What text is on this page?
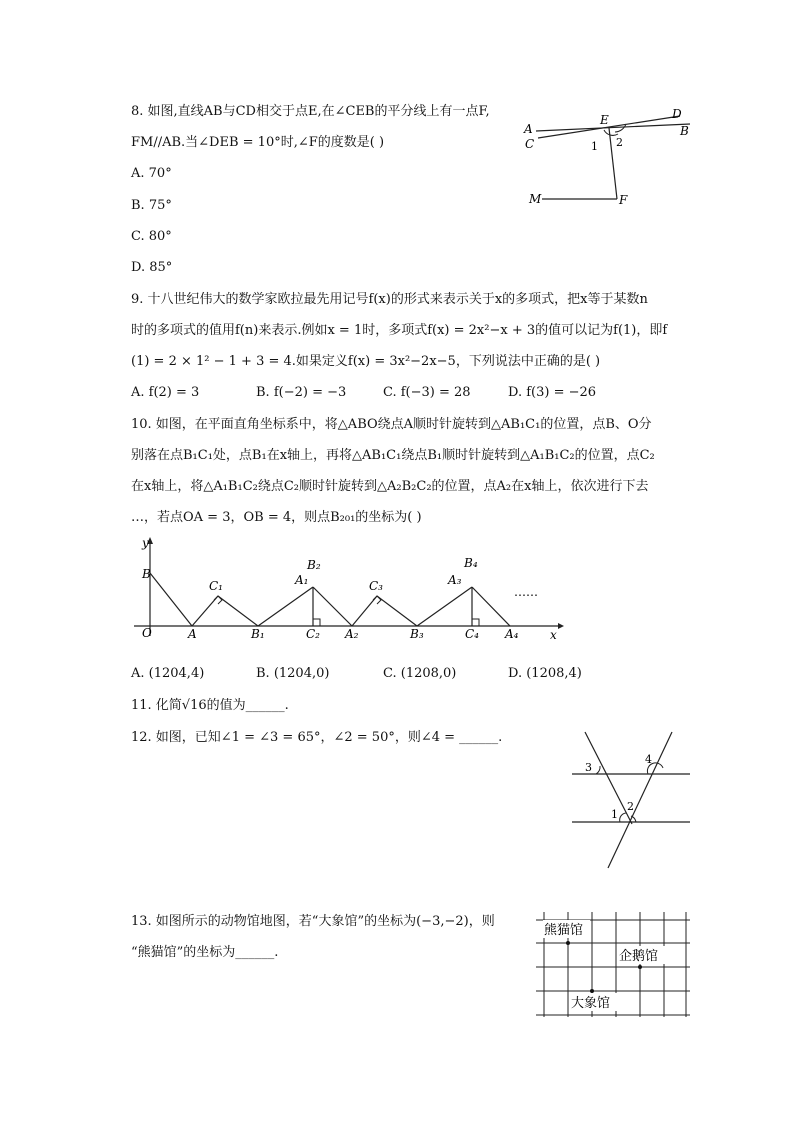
8. 如图,直线AB与CD相交于点E,在∠CEB的平分线上有一点F,
FM//AB.当∠DEB = 10°时,∠F的度数是( )
A. 70°
B. 75°
C. 80°
D. 85°
A
C
E	D
B
1 2
M	F
9. 十八世纪伟大的数学家欧拉最先用记号f(x)的形式来表示关于x的多项式，把x等于某数n
时的多项式的值用f(n)来表示.例如x = 1时，多项式f(x) = 2x²−x + 3的值可以记为f(1)，即f
(1) = 2 × 1² − 1 + 3 = 4.如果定义f(x) = 3x²−2x−5，下列说法中正确的是( )
A. f(2) = 3	B. f(−2) = −3	C. f(−3) = 28	D. f(3) = −26
10. 如图，在平面直角坐标系中，将△ABO绕点A顺时针旋转到△AB₁C₁的位置，点B、O分
别落在点B₁C₁处，点B₁在x轴上，再将△AB₁C₁绕点B₁顺时针旋转到△A₁B₁C₂的位置，点C₂
在x轴上，将△A₁B₁C₂绕点C₂顺时针旋转到△A₂B₂C₂的位置，点A₂在x轴上，依次进行下去
…，若点OA = 3，OB = 4，则点B₂₀₁的坐标为( )
y
B
O	A
C₁
B₁
A₁
B₂
C₂ A₂
C₃
B₃
A₃
B₄
C₄ A₄
……
x
A. (1204,4)	B. (1204,0)	C. (1208,0)	D. (1208,4)
11. 化简√16的值为______.
12. 如图，已知∠1 = ∠3 = 65°，∠2 = 50°，则∠4 = ______.
3
4
1
2
13. 如图所示的动物馆地图，若“大象馆”的坐标为(−3,−2)，则
“熊猫馆”的坐标为______.
熊猫馆
企鹅馆
大象馆
